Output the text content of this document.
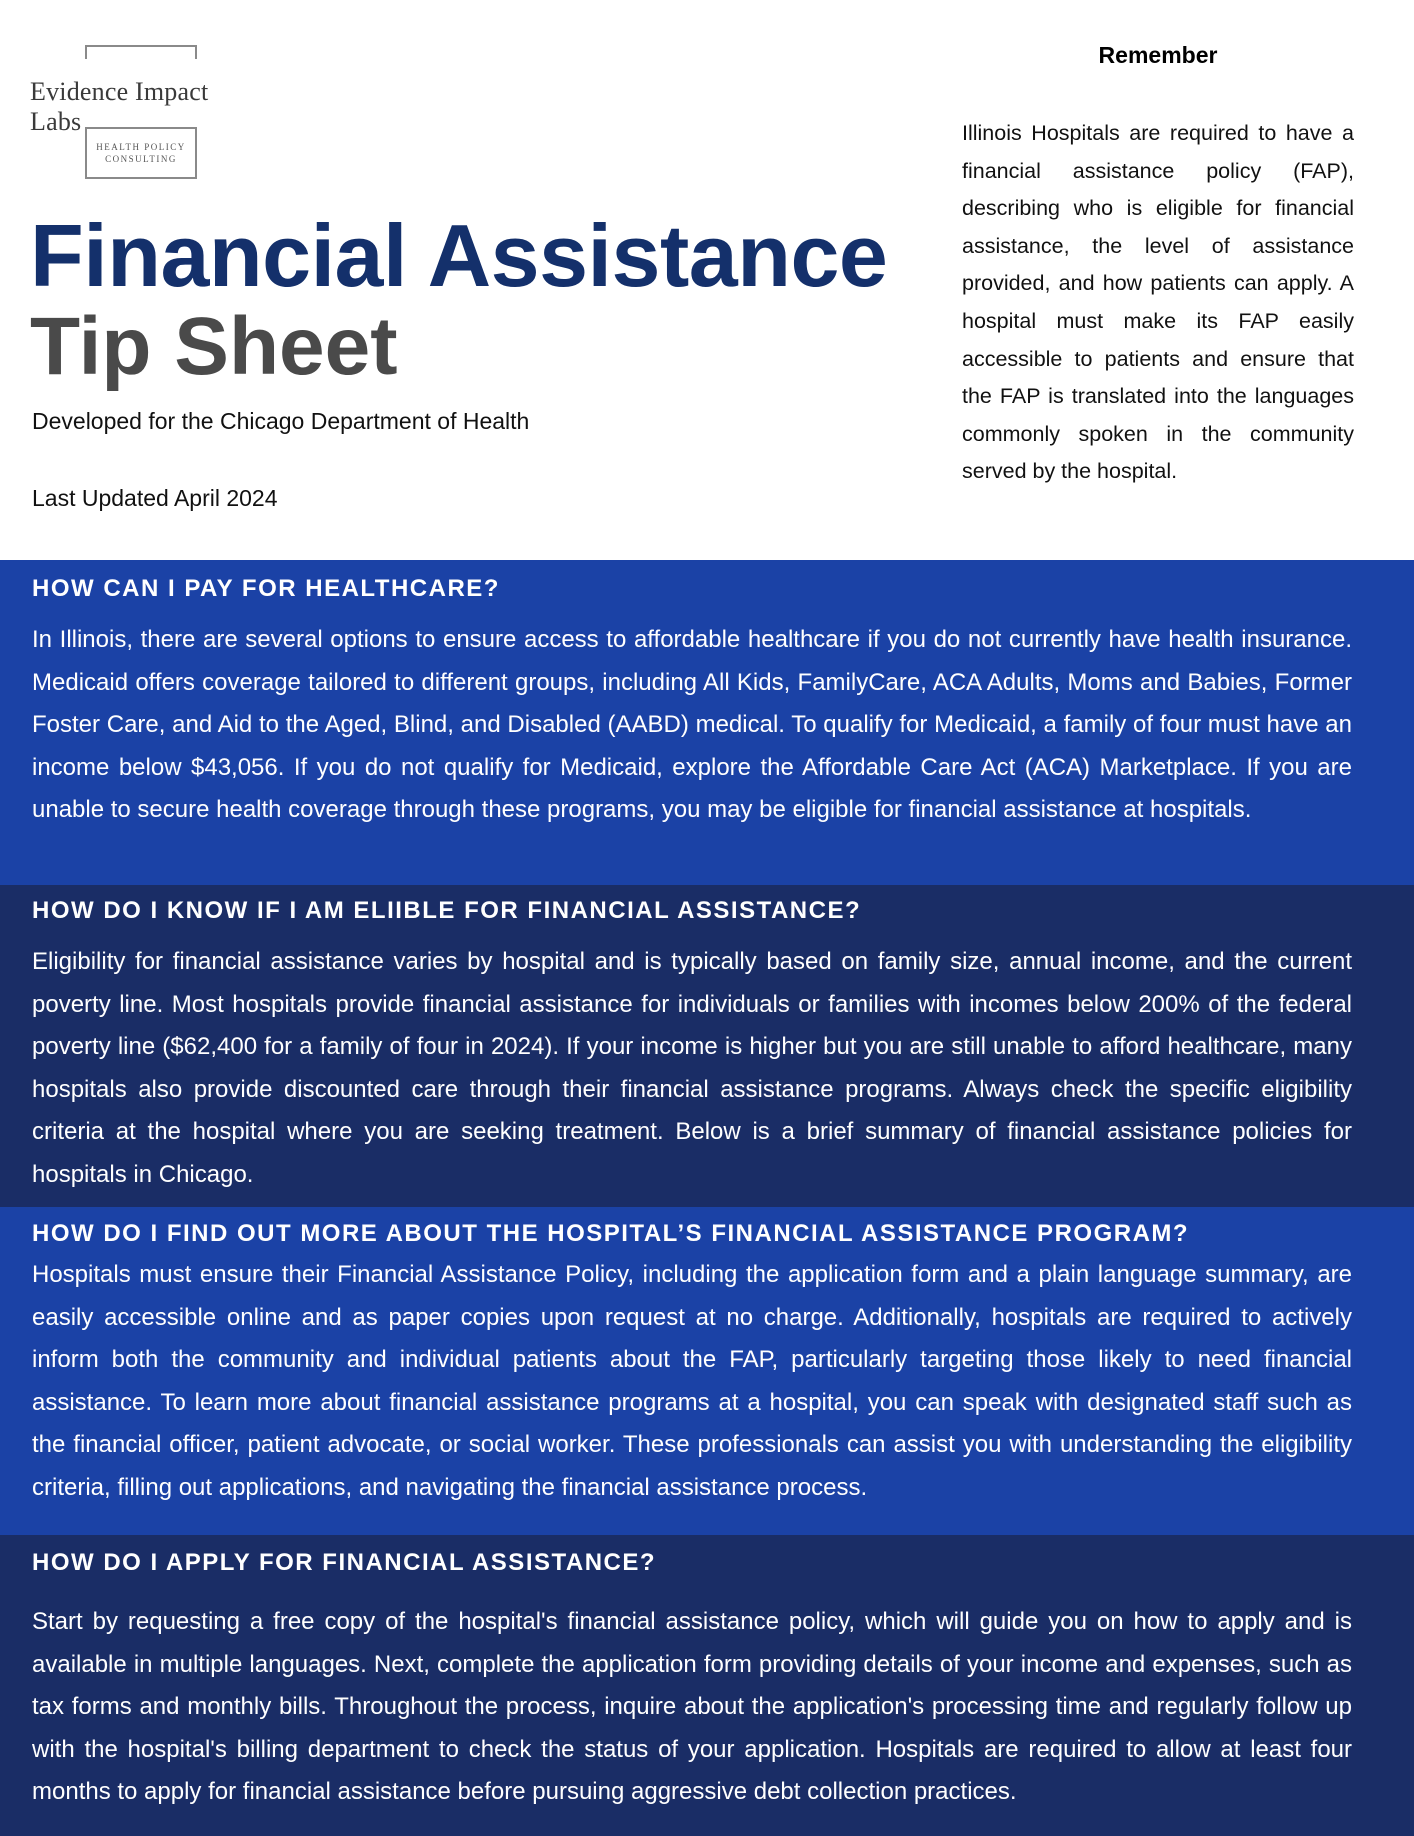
Evidence Impact Labs
HEALTH POLICY
CONSULTING
Financial Assistance
Tip Sheet
Developed for the Chicago Department of Health
Last Updated April 2024
Remember
Illinois Hospitals are required to have a financial assistance policy (FAP), describing who is eligible for financial assistance, the level of assistance provided, and how patients can apply. A hospital must make its FAP easily accessible to patients and ensure that the FAP is translated into the languages commonly spoken in the community served by the hospital.
HOW CAN I PAY FOR HEALTHCARE?

In Illinois, there are several options to ensure access to affordable healthcare if you do not currently have health insurance. Medicaid offers coverage tailored to different groups, including All Kids, FamilyCare, ACA Adults, Moms and Babies, Former Foster Care, and Aid to the Aged, Blind, and Disabled (AABD) medical. To qualify for Medicaid, a family of four must have an income below $43,056. If you do not qualify for Medicaid, explore the Affordable Care Act (ACA) Marketplace. If you are unable to secure health coverage through these programs, you may be eligible for financial assistance at hospitals.

HOW DO I KNOW IF I AM ELIIBLE FOR FINANCIAL ASSISTANCE?

Eligibility for financial assistance varies by hospital and is typically based on family size, annual income, and the current poverty line. Most hospitals provide financial assistance for individuals or families with incomes below 200% of the federal poverty line ($62,400 for a family of four in 2024). If your income is higher but you are still unable to afford healthcare, many hospitals also provide discounted care through their financial assistance programs. Always check the specific eligibility criteria at the hospital where you are seeking treatment. Below is a brief summary of financial assistance policies for hospitals in Chicago.

HOW DO I FIND OUT MORE ABOUT THE HOSPITAL’S FINANCIAL ASSISTANCE PROGRAM?

Hospitals must ensure their Financial Assistance Policy, including the application form and a plain language summary, are easily accessible online and as paper copies upon request at no charge. Additionally, hospitals are required to actively inform both the community and individual patients about the FAP, particularly targeting those likely to need financial assistance. To learn more about financial assistance programs at a hospital, you can speak with designated staff such as the financial officer, patient advocate, or social worker. These professionals can assist you with understanding the eligibility criteria, filling out applications, and navigating the financial assistance process.

HOW DO I APPLY FOR FINANCIAL ASSISTANCE?

Start by requesting a free copy of the hospital's financial assistance policy, which will guide you on how to apply and is available in multiple languages. Next, complete the application form providing details of your income and expenses, such as tax forms and monthly bills. Throughout the process, inquire about the application's processing time and regularly follow up with the hospital's billing department to check the status of your application. Hospitals are required to allow at least four months to apply for financial assistance before pursuing aggressive debt collection practices.
